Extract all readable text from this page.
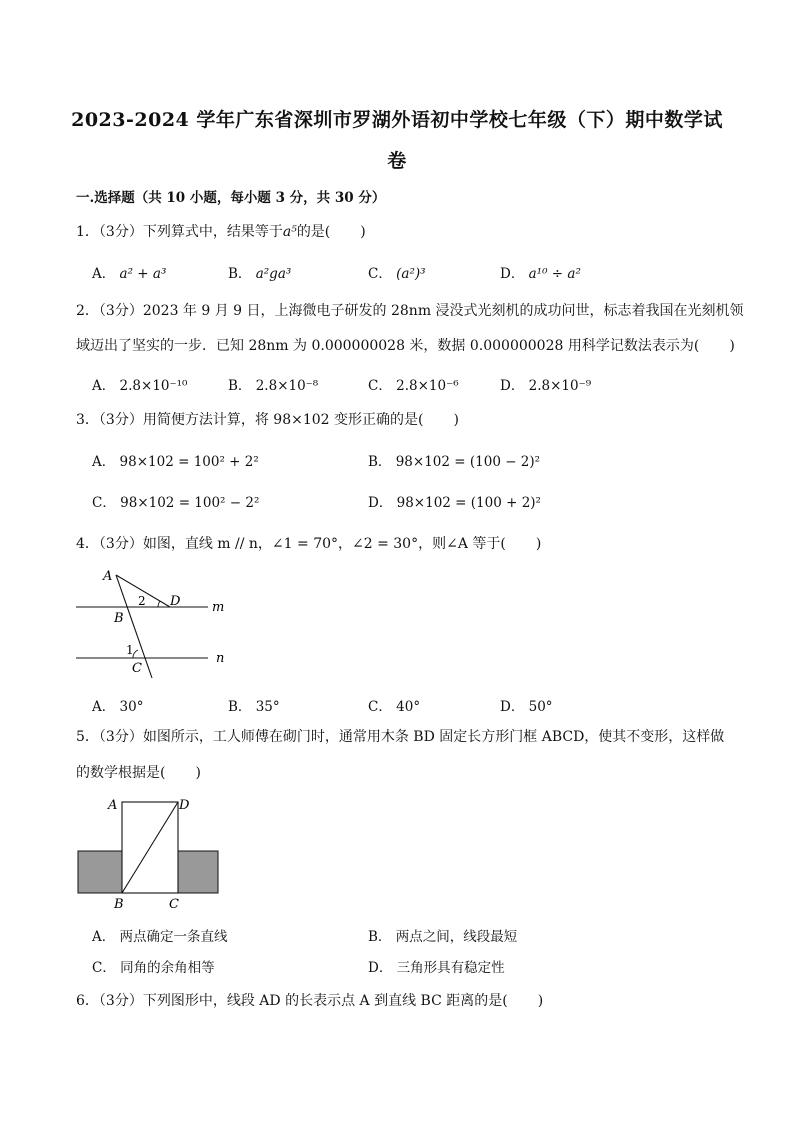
2023-2024 学年广东省深圳市罗湖外语初中学校七年级（下）期中数学试
卷
一.选择题（共 10 小题，每小题 3 分，共 30 分）
1．（3分）下列算式中，结果等于a⁵的是( )
A． a² + a³	B． a²ga³	C． (a²)³	D． a¹⁰ ÷ a²
2．（3分）2023 年 9 月 9 日，上海微电子研发的 28nm 浸没式光刻机的成功问世，标志着我国在光刻机领
域迈出了坚实的一步．已知 28nm 为 0.000000028 米，数据 0.000000028 用科学记数法表示为( )
A． 2.8×10⁻¹⁰	B． 2.8×10⁻⁸	C． 2.8×10⁻⁶	D． 2.8×10⁻⁹
3．（3分）用简便方法计算，将 98×102 变形正确的是( )
A． 98×102 = 100² + 2²	B． 98×102 = (100 − 2)²
C． 98×102 = 100² − 2²	D． 98×102 = (100 + 2)²
4．（3分）如图，直线 m // n，∠1 = 70°，∠2 = 30°，则∠A 等于( )
A
B
C
D m
n
1
2
A． 30°	B． 35°	C． 40°	D． 50°
5．（3分）如图所示，工人师傅在砌门时，通常用木条 BD 固定长方形门框 ABCD，使其不变形，这样做
的数学根据是( )
A	D
B	C
A． 两点确定一条直线	B． 两点之间，线段最短
C． 同角的余角相等	D． 三角形具有稳定性
6．（3分）下列图形中，线段 AD 的长表示点 A 到直线 BC 距离的是( )
